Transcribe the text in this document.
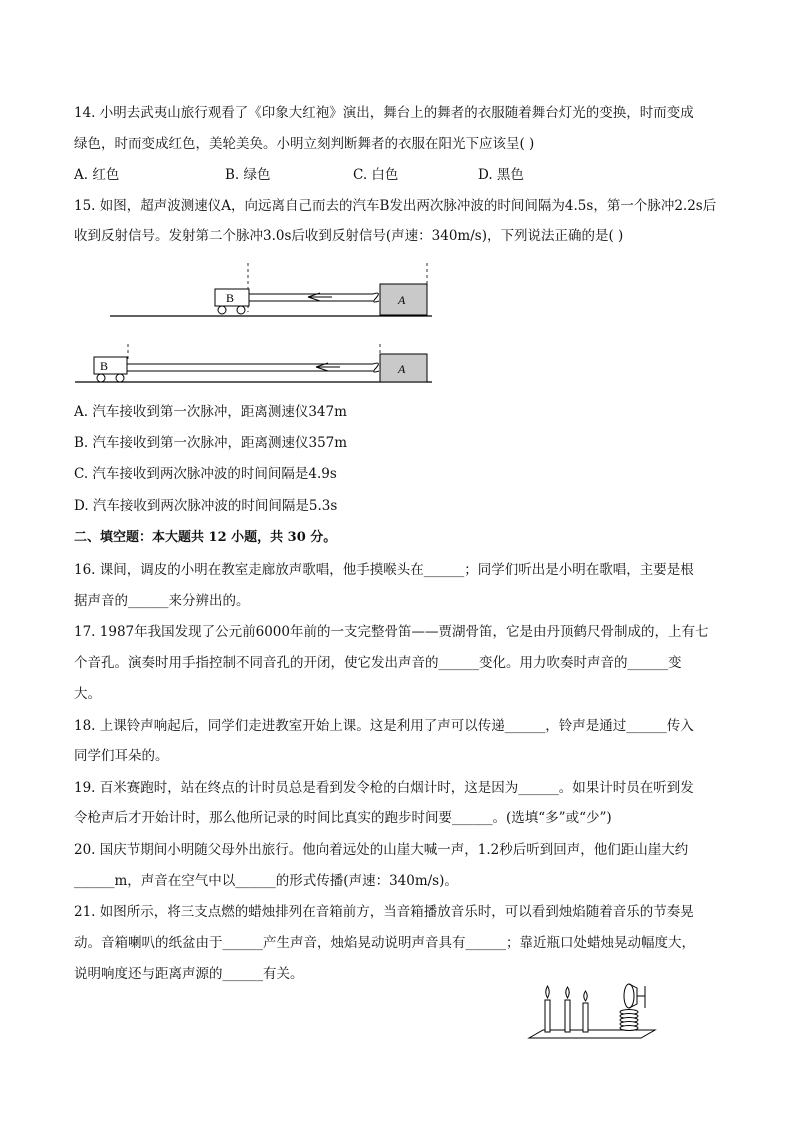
14. 小明去武夷山旅行观看了《印象大红袍》演出，舞台上的舞者的衣服随着舞台灯光的变换，时而变成
绿色，时而变成红色，美轮美奂。小明立刻判断舞者的衣服在阳光下应该呈( )
A. 红色	B. 绿色	C. 白色	D. 黑色
15. 如图，超声波测速仪A，向远离自己而去的汽车B发出两次脉冲波的时间间隔为4.5s，第一个脉冲2.2s后
收到反射信号。发射第二个脉冲3.0s后收到反射信号(声速：340m/s)，下列说法正确的是( )
B	A
B	A
A. 汽车接收到第一次脉冲，距离测速仪347m
B. 汽车接收到第一次脉冲，距离测速仪357m
C. 汽车接收到两次脉冲波的时间间隔是4.9s
D. 汽车接收到两次脉冲波的时间间隔是5.3s
二、填空题：本大题共 12 小题，共 30 分。
16. 课间，调皮的小明在教室走廊放声歌唱，他手摸喉头在______；同学们听出是小明在歌唱，主要是根
据声音的______来分辨出的。
17. 1987年我国发现了公元前6000年前的一支完整骨笛——贾湖骨笛，它是由丹顶鹤尺骨制成的，上有七
个音孔。演奏时用手指控制不同音孔的开闭，使它发出声音的______变化。用力吹奏时声音的______变
大。
18. 上课铃声响起后，同学们走进教室开始上课。这是利用了声可以传递______，铃声是通过______传入
同学们耳朵的。
19. 百米赛跑时，站在终点的计时员总是看到发令枪的白烟计时，这是因为______。如果计时员在听到发
令枪声后才开始计时，那么他所记录的时间比真实的跑步时间要______。(选填“多”或“少”)
20. 国庆节期间小明随父母外出旅行。他向着远处的山崖大喊一声，1.2秒后听到回声，他们距山崖大约
______m，声音在空气中以______的形式传播(声速：340m/s)。
21. 如图所示，将三支点燃的蜡烛排列在音箱前方，当音箱播放音乐时，可以看到烛焰随着音乐的节奏晃
动。音箱喇叭的纸盆由于______产生声音，烛焰晃动说明声音具有______；靠近瓶口处蜡烛晃动幅度大，
说明响度还与距离声源的______有关。
